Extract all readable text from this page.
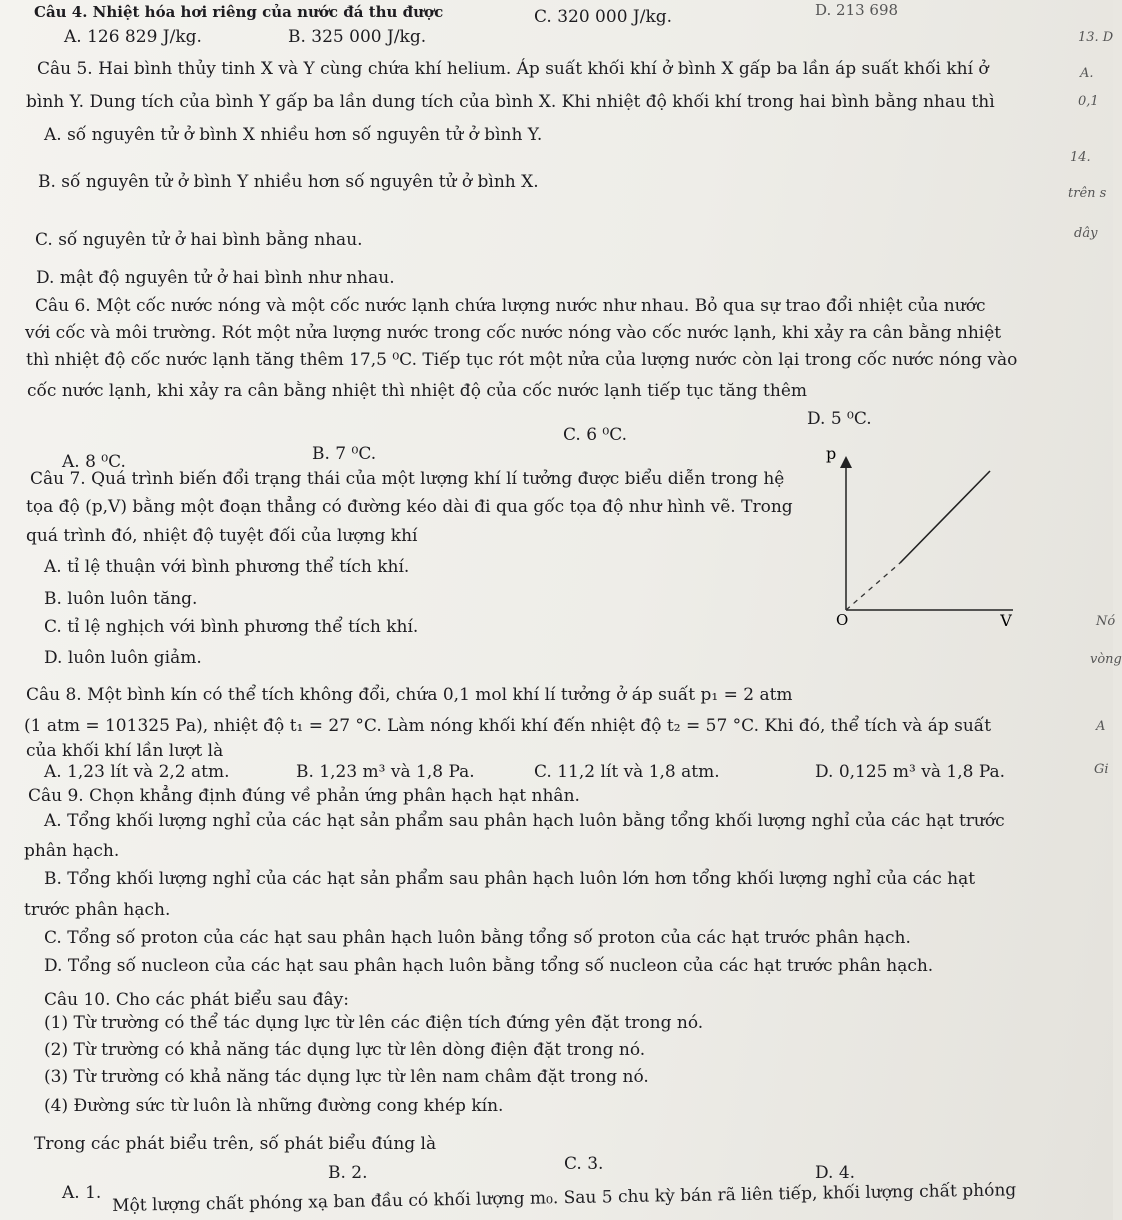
Câu 4. Nhiệt hóa hơi riêng của nước đá thu được
A. 126 829 J/kg.	B. 325 000 J/kg.
C. 320 000 J/kg.	D. 213 698
Câu 5. Hai bình thủy tinh X và Y cùng chứa khí helium. Áp suất khối khí ở bình X gấp ba lần áp suất khối khí ở
bình Y. Dung tích của bình Y gấp ba lần dung tích của bình X. Khi nhiệt độ khối khí trong hai bình bằng nhau thì
A. số nguyên tử ở bình X nhiều hơn số nguyên tử ở bình Y.
B. số nguyên tử ở bình Y nhiều hơn số nguyên tử ở bình X.
C. số nguyên tử ở hai bình bằng nhau.
D. mật độ nguyên tử ở hai bình như nhau.
Câu 6. Một cốc nước nóng và một cốc nước lạnh chứa lượng nước như nhau. Bỏ qua sự trao đổi nhiệt của nước
với cốc và môi trường. Rót một nửa lượng nước trong cốc nước nóng vào cốc nước lạnh, khi xảy ra cân bằng nhiệt
thì nhiệt độ cốc nước lạnh tăng thêm 17,5 ⁰C. Tiếp tục rót một nửa của lượng nước còn lại trong cốc nước nóng vào
cốc nước lạnh, khi xảy ra cân bằng nhiệt thì nhiệt độ của cốc nước lạnh tiếp tục tăng thêm
A. 8 ⁰C.	B. 7 ⁰C.
C. 6 ⁰C.
D. 5 ⁰C.
Câu 7. Quá trình biến đổi trạng thái của một lượng khí lí tưởng được biểu diễn trong hệ
tọa độ (p,V) bằng một đoạn thẳng có đường kéo dài đi qua gốc tọa độ như hình vẽ. Trong
quá trình đó, nhiệt độ tuyệt đối của lượng khí
A. tỉ lệ thuận với bình phương thể tích khí.
B. luôn luôn tăng.
C. tỉ lệ nghịch với bình phương thể tích khí.
D. luôn luôn giảm.
p
V
O
Câu 8. Một bình kín có thể tích không đổi, chứa 0,1 mol khí lí tưởng ở áp suất p₁ = 2 atm
(1 atm = 101325 Pa), nhiệt độ t₁ = 27 °C. Làm nóng khối khí đến nhiệt độ t₂ = 57 °C. Khi đó, thể tích và áp suất
của khối khí lần lượt là
A. 1,23 lít và 2,2 atm.	B. 1,23 m³ và 1,8 Pa.	C. 11,2 lít và 1,8 atm.	D. 0,125 m³ và 1,8 Pa.
Câu 9. Chọn khẳng định đúng về phản ứng phân hạch hạt nhân.
A. Tổng khối lượng nghỉ của các hạt sản phẩm sau phân hạch luôn bằng tổng khối lượng nghỉ của các hạt trước
phân hạch.
B. Tổng khối lượng nghỉ của các hạt sản phẩm sau phân hạch luôn lớn hơn tổng khối lượng nghỉ của các hạt
trước phân hạch.
C. Tổng số proton của các hạt sau phân hạch luôn bằng tổng số proton của các hạt trước phân hạch.
D. Tổng số nucleon của các hạt sau phân hạch luôn bằng tổng số nucleon của các hạt trước phân hạch.
Câu 10. Cho các phát biểu sau đây:
(1) Từ trường có thể tác dụng lực từ lên các điện tích đứng yên đặt trong nó.
(2) Từ trường có khả năng tác dụng lực từ lên dòng điện đặt trong nó.
(3) Từ trường có khả năng tác dụng lực từ lên nam châm đặt trong nó.
(4) Đường sức từ luôn là những đường cong khép kín.
Trong các phát biểu trên, số phát biểu đúng là
A. 1.
B. 2.	C. 3.	D. 4.
Một lượng chất phóng xạ ban đầu có khối lượng m₀. Sau 5 chu kỳ bán rã liên tiếp, khối lượng chất phóng
13. D
A.
0,1
14.
trên s
dây
Nó
vòng
A
Gi
